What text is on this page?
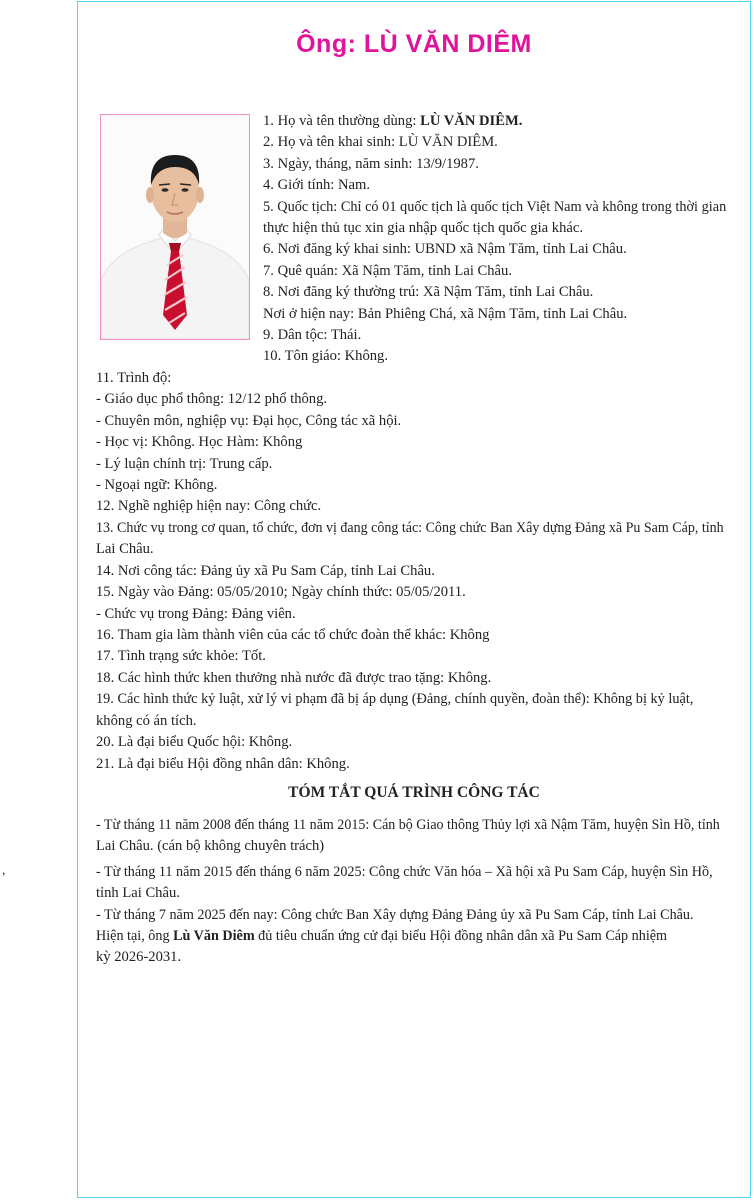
Ông: LÙ VĂN DIÊM
,
1. Họ và tên thường dùng: LÙ VĂN DIÊM.
2. Họ và tên khai sinh: LÙ VĂN DIÊM.
3. Ngày, tháng, năm sinh: 13/9/1987.
4. Giới tính: Nam.
5. Quốc tịch: Chỉ có 01 quốc tịch là quốc tịch Việt Nam và không trong thời gian
thực hiện thủ tục xin gia nhập quốc tịch quốc gia khác.
6. Nơi đăng ký khai sinh: UBND xã Nậm Tăm, tỉnh Lai Châu.
7. Quê quán: Xã Nậm Tăm, tỉnh Lai Châu.
8. Nơi đăng ký thường trú: Xã Nậm Tăm, tỉnh Lai Châu.
Nơi ở hiện nay: Bản Phiêng Chá, xã Nậm Tăm, tỉnh Lai Châu.
9. Dân tộc: Thái.
10. Tôn giáo: Không.
11. Trình độ:
- Giáo dục phổ thông: 12/12 phổ thông.
- Chuyên môn, nghiệp vụ: Đại học, Công tác xã hội.
- Học vị: Không. Học Hàm: Không
- Lý luận chính trị: Trung cấp.
- Ngoại ngữ: Không.
12. Nghề nghiệp hiện nay: Công chức.
13. Chức vụ trong cơ quan, tổ chức, đơn vị đang công tác: Công chức Ban Xây dựng Đảng xã Pu Sam Cáp, tỉnh
Lai Châu.
14. Nơi công tác: Đảng ủy xã Pu Sam Cáp, tỉnh Lai Châu.
15. Ngày vào Đảng: 05/05/2010; Ngày chính thức: 05/05/2011.
- Chức vụ trong Đảng: Đảng viên.
16. Tham gia làm thành viên của các tổ chức đoàn thể khác: Không
17. Tình trạng sức khỏe: Tốt.
18. Các hình thức khen thưởng nhà nước đã được trao tặng: Không.
19. Các hình thức kỷ luật, xử lý vi phạm đã bị áp dụng (Đảng, chính quyền, đoàn thể): Không bị kỷ luật,
không có án tích.
20. Là đại biểu Quốc hội: Không.
21. Là đại biểu Hội đồng nhân dân: Không.
TÓM TẮT QUÁ TRÌNH CÔNG TÁC
- Từ tháng 11 năm 2008 đến tháng 11 năm 2015: Cán bộ Giao thông Thủy lợi xã Nậm Tăm, huyện Sìn Hồ, tỉnh
Lai Châu. (cán bộ không chuyên trách)
- Từ tháng 11 năm 2015 đến tháng 6 năm 2025: Công chức Văn hóa – Xã hội xã Pu Sam Cáp, huyện Sìn Hồ,
tỉnh Lai Châu.
- Từ tháng 7 năm 2025 đến nay: Công chức Ban Xây dựng Đảng Đảng ủy xã Pu Sam Cáp, tỉnh Lai Châu.
Hiện tại, ông Lù Văn Diêm đủ tiêu chuẩn ứng cử đại biểu Hội đồng nhân dân xã Pu Sam Cáp nhiệm
kỳ 2026-2031.
